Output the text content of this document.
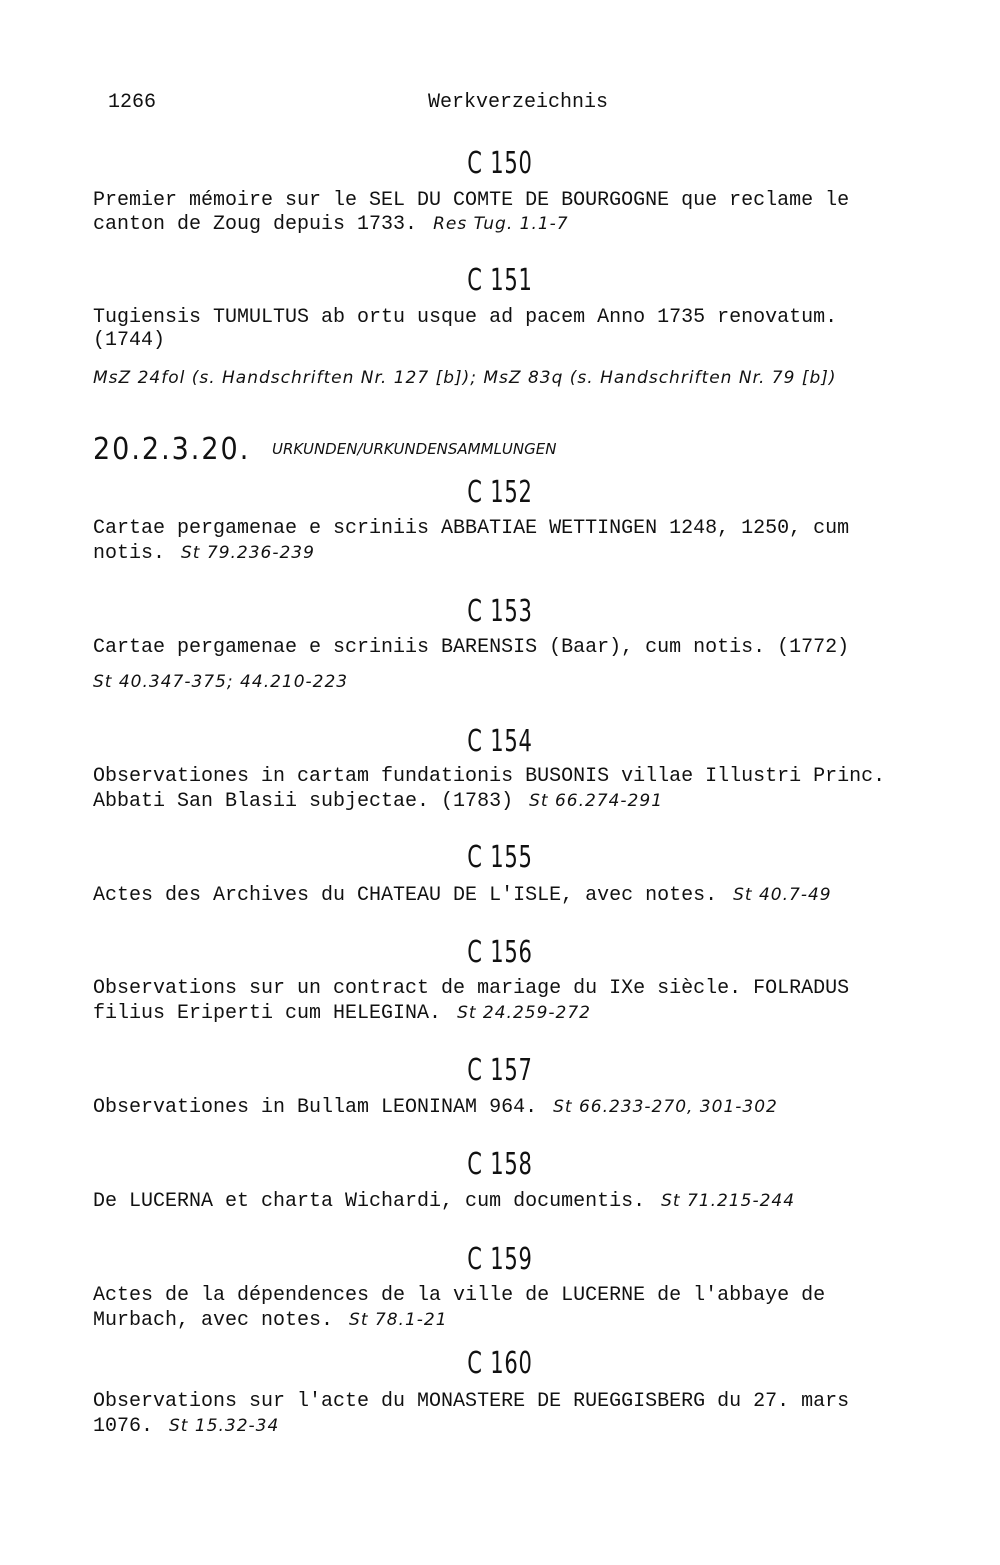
1266	Werkverzeichnis
C 150
Premier mémoire sur le SEL DU COMTE DE BOURGOGNE que reclame le
canton de Zoug depuis 1733. Res Tug. 1.1-7
C 151
Tugiensis TUMULTUS ab ortu usque ad pacem Anno 1735 renovatum.
(1744)
MsZ 24fol (s. Handschriften Nr. 127 [b]); MsZ 83q (s. Handschriften Nr. 79 [b])
20.2.3.20. URKUNDEN/URKUNDENSAMMLUNGEN
C 152
Cartae pergamenae e scriniis ABBATIAE WETTINGEN 1248, 1250, cum
notis. St 79.236-239
C 153
Cartae pergamenae e scriniis BARENSIS (Baar), cum notis. (1772)
St 40.347-375; 44.210-223
C 154
Observationes in cartam fundationis BUSONIS villae Illustri Princ.
Abbati San Blasii subjectae. (1783) St 66.274-291
C 155
Actes des Archives du CHATEAU DE L'ISLE, avec notes. St 40.7-49
C 156
Observations sur un contract de mariage du IXe siècle. FOLRADUS
filius Eriperti cum HELEGINA. St 24.259-272
C 157
Observationes in Bullam LEONINAM 964. St 66.233-270, 301-302
C 158
De LUCERNA et charta Wichardi, cum documentis. St 71.215-244
C 159
Actes de la dépendences de la ville de LUCERNE de l'abbaye de
Murbach, avec notes. St 78.1-21
C 160
Observations sur l'acte du MONASTERE DE RUEGGISBERG du 27. mars
1076. St 15.32-34
